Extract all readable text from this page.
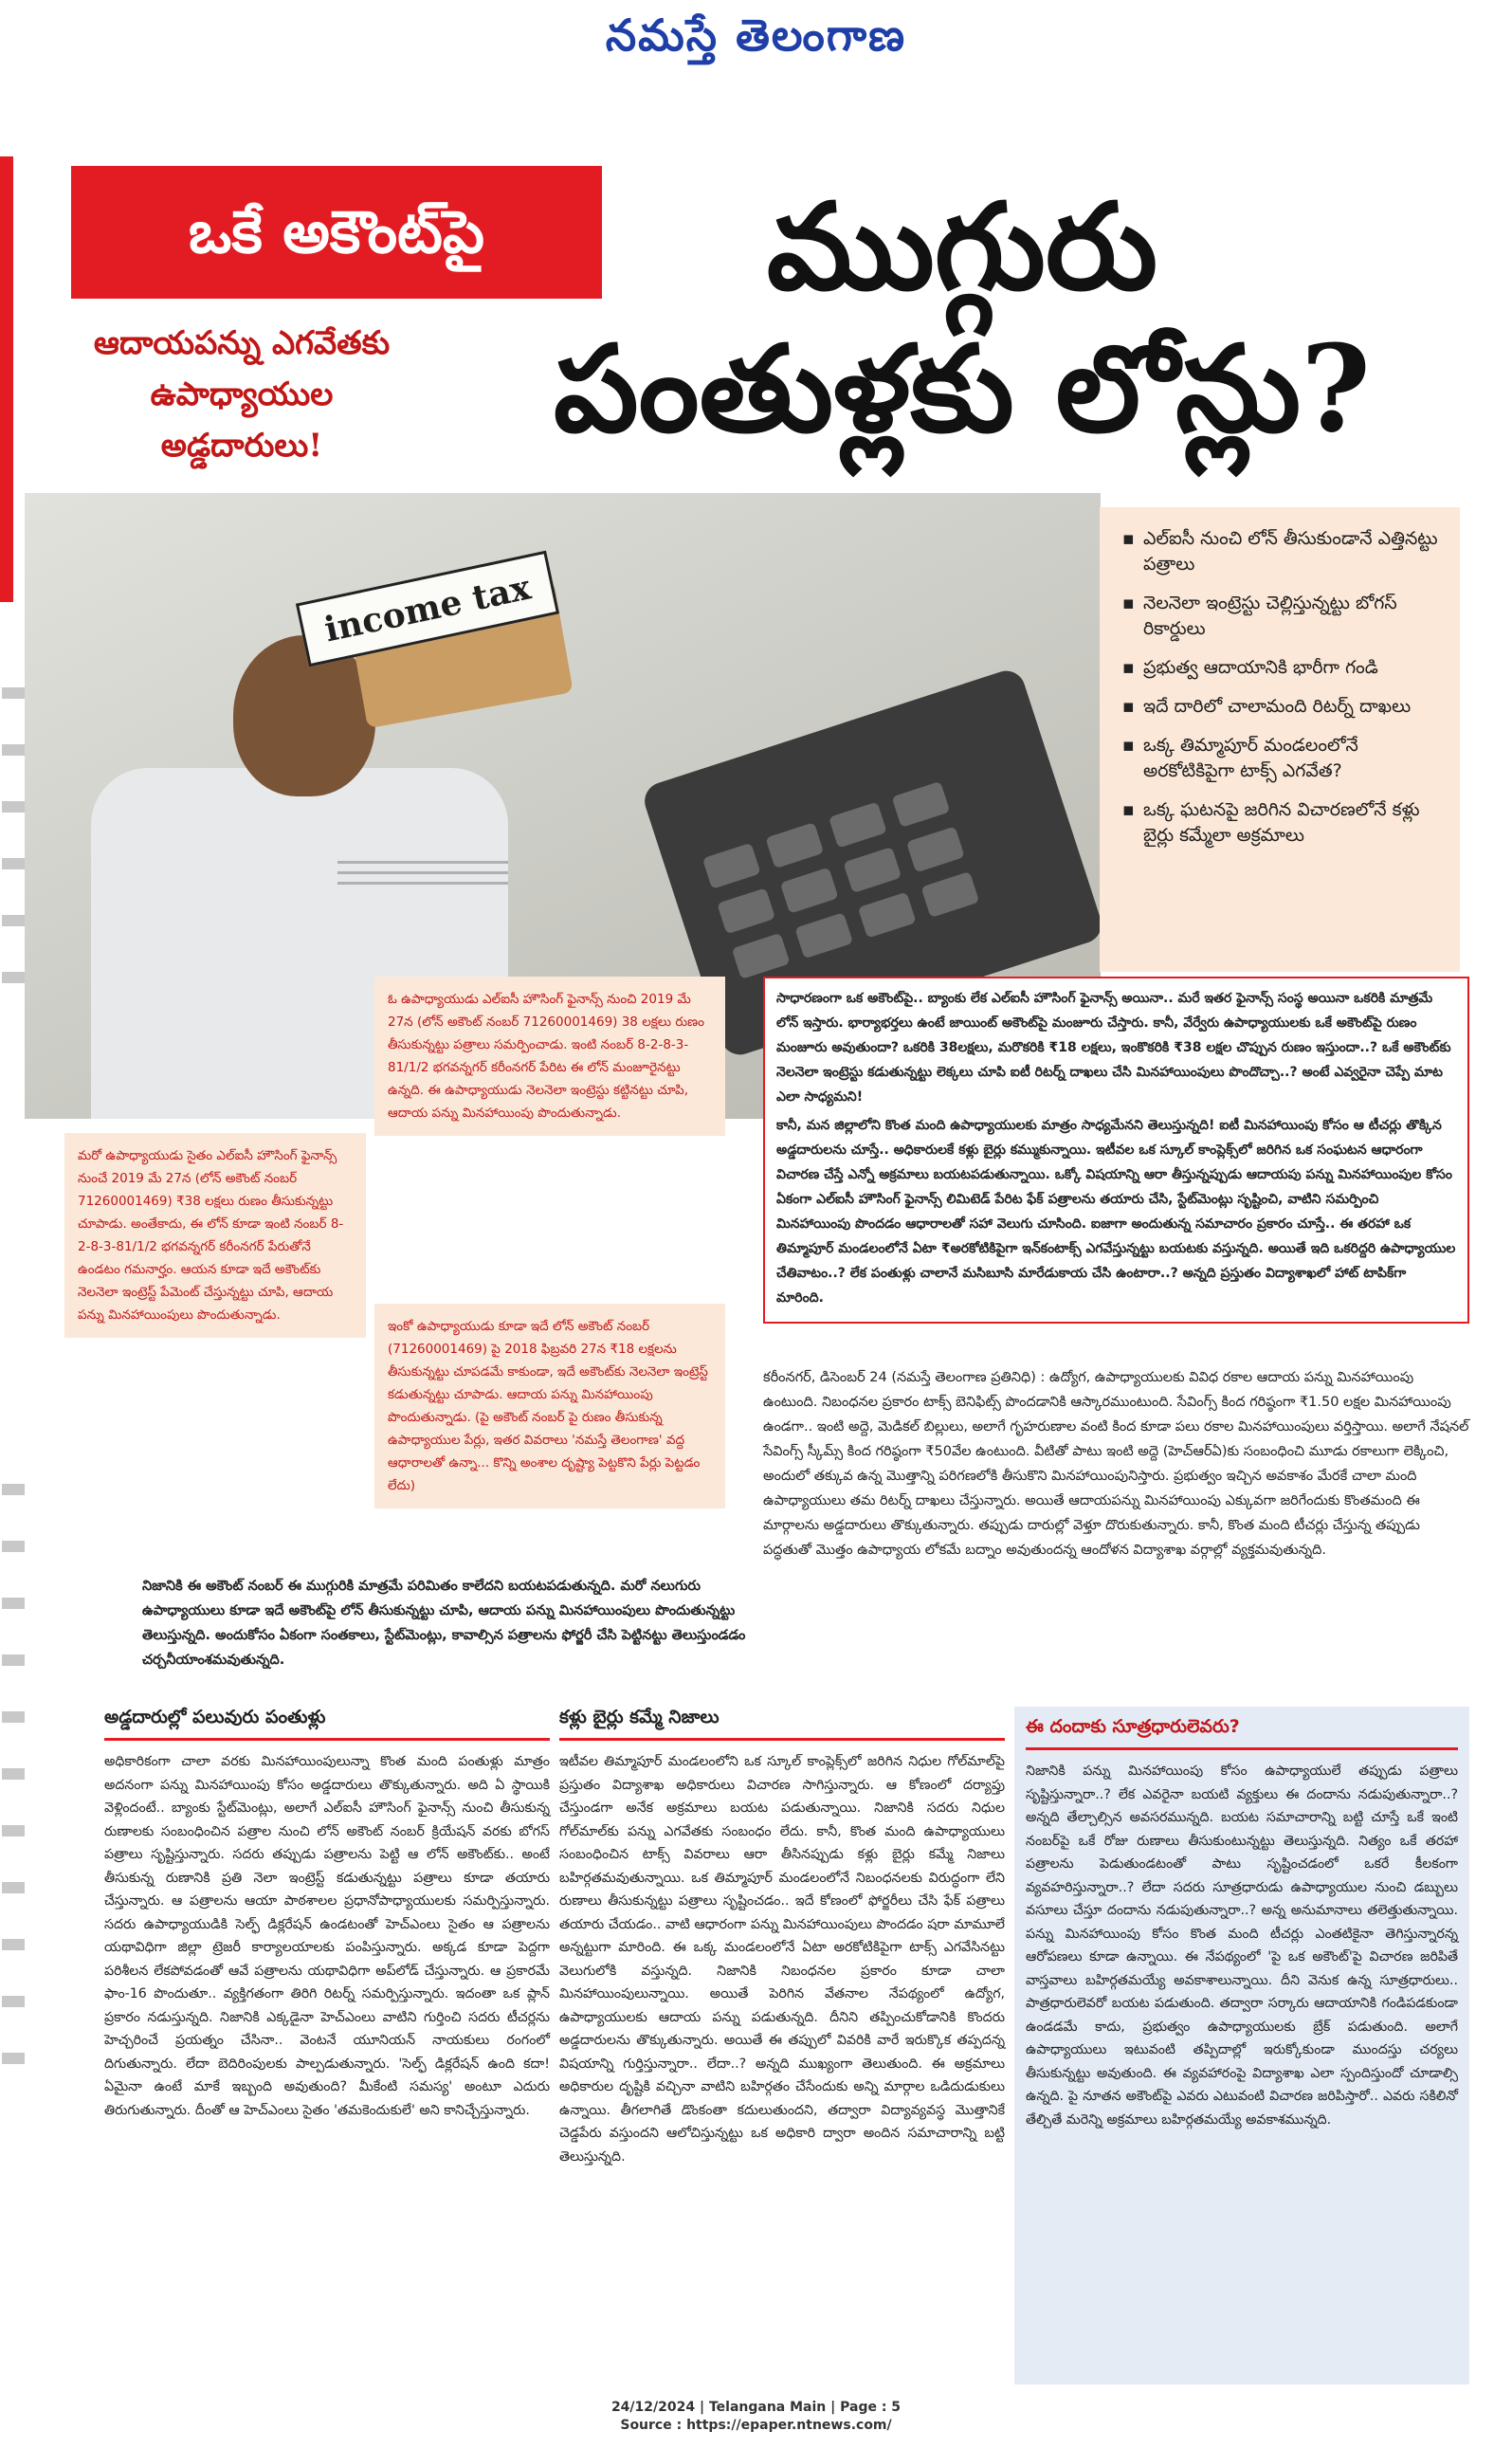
నమస్తే తెలంగాణ
ఒకే అకౌంట్‌పై
ఆదాయపన్ను ఎగవేతకు
ఉపాధ్యాయుల
అడ్డదారులు!
ముగ్గురు
పంతుళ్లకు లోన్లు?
income tax
▪ ఎల్‌ఐసీ నుంచి లోన్ తీసుకుండానే ఎత్తినట్టు పత్రాలు
▪ నెలనెలా ఇంట్రెస్టు చెల్లిస్తున్నట్టు బోగస్ రికార్డులు
▪ ప్రభుత్వ ఆదాయానికి భారీగా గండి
▪ ఇదే దారిలో చాలామంది రిటర్న్ దాఖలు
▪ ఒక్క తిమ్మాపూర్ మండలంలోనే అరకోటికిపైగా టాక్స్ ఎగవేత?
▪ ఒక్క ఘటనపై జరిగిన విచారణలోనే కళ్లు బైర్లు కమ్మేలా అక్రమాలు
ఓ ఉపాధ్యాయుడు ఎల్ఐసీ హౌసింగ్ ఫైనాన్స్ నుంచి 2019 మే 27న (లోన్ అకౌంట్ నంబర్ 71260001469) 38 లక్షలు రుణం తీసుకున్నట్టు పత్రాలు సమర్పించాడు. ఇంటి నంబర్ 8-2-8-3-81/1/2 భగవన్నగర్ కరీంనగర్ పేరిట ఈ లోన్ మంజూరైనట్టు ఉన్నది. ఈ ఉపాధ్యాయుడు నెలనెలా ఇంట్రెస్టు కట్టినట్టు చూపి, ఆదాయ పన్ను మినహాయింపు పొందుతున్నాడు.
మరో ఉపాధ్యాయుడు సైతం ఎల్ఐసీ హౌసింగ్ ఫైనాన్స్ నుంచే 2019 మే 27న (లోన్ అకౌంట్ నంబర్ 71260001469) ₹38 లక్షలు రుణం తీసుకున్నట్టు చూపాడు. అంతేకాదు, ఈ లోన్ కూడా ఇంటి నంబర్ 8-2-8-3-81/1/2 భగవన్నగర్ కరీంనగర్ పేరుతోనే ఉండటం గమనార్హం. ఆయన కూడా ఇదే అకౌంట్‌కు నెలనెలా ఇంట్రెస్ట్ పేమెంట్ చేస్తున్నట్టు చూపి, ఆదాయ పన్ను మినహాయింపులు పొందుతున్నాడు.
ఇంకో ఉపాధ్యాయుడు కూడా ఇదే లోన్ అకౌంట్ నంబర్ (71260001469) పై 2018 ఫిబ్రవరి 27న ₹18 లక్షలను తీసుకున్నట్టు చూపడమే కాకుండా, ఇదే అకౌంట్‌కు నెలనెలా ఇంట్రెస్ట్ కడుతున్నట్టు చూపాడు. ఆదాయ పన్ను మినహాయింపు పొందుతున్నాడు. (పై అకౌంట్ నంబర్ పై రుణం తీసుకున్న ఉపాధ్యాయుల పేర్లు, ఇతర వివరాలు 'నమస్తే తెలంగాణ' వద్ద ఆధారాలతో ఉన్నా... కొన్ని అంశాల దృష్ట్యా పెట్టకొని పేర్లు పెట్టడం లేదు)

సాధారణంగా ఒక అకౌంట్‌పై.. బ్యాంకు లేక ఎల్ఐసీ హౌసింగ్ ఫైనాన్స్ అయినా.. మరే ఇతర ఫైనాన్స్ సంస్థ అయినా ఒకరికి మాత్రమే లోన్ ఇస్తారు. భార్యాభర్తలు ఉంటే జాయింట్ అకౌంట్‌పై మంజూరు చేస్తారు. కానీ, వేర్వేరు ఉపాధ్యాయులకు ఒకే అకౌంట్‌పై రుణం మంజూరు అవుతుందా? ఒకరికి 38లక్షలు, మరొకరికి ₹18 లక్షలు, ఇంకొకరికి ₹38 లక్షల చొప్పున రుణం ఇస్తుందా..? ఒకే అకౌంట్‌కు నెలనెలా ఇంట్రెస్టు కడుతున్నట్టు లెక్కలు చూపి ఐటీ రిటర్న్ దాఖలు చేసి మినహాయింపులు పొందొచ్చా..? అంటే ఎవ్వరైనా చెప్పే మాట ఎలా సాధ్యమని!

కానీ, మన జిల్లాలోని కొంత మంది ఉపాధ్యాయులకు మాత్రం సాధ్యమేనని తెలుస్తున్నది! ఐటీ మినహాయింపు కోసం ఆ టీచర్లు తొక్కిన అడ్డదారులను చూస్తే.. అధికారులకే కళ్లు బైర్లు కమ్ముకున్నాయి. ఇటీవల ఒక స్కూల్ కాంప్లెక్స్‌లో జరిగిన ఒక సంఘటన ఆధారంగా విచారణ చేస్తే ఎన్నో అక్రమాలు బయటపడుతున్నాయి. ఒక్కో విషయాన్ని ఆరా తీస్తున్నప్పుడు ఆదాయపు పన్ను మినహాయింపుల కోసం ఏకంగా ఎల్ఐసీ హౌసింగ్ ఫైనాన్స్ లిమిటెడ్ పేరిట ఫేక్ పత్రాలను తయారు చేసి, స్టేట్‌మెంట్లు సృష్టించి, వాటిని సమర్పించి మినహాయింపు పొందడం ఆధారాలతో సహా వెలుగు చూసింది. ఐజాగా అందుతున్న సమాచారం ప్రకారం చూస్తే.. ఈ తరహా ఒక తిమ్మాపూర్ మండలంలోనే ఏటా ₹అరకోటికిపైగా ఇన్‌కంటాక్స్ ఎగవేస్తున్నట్టు బయటకు వస్తున్నది. అయితే ఇది ఒకరిద్దరి ఉపాధ్యాయుల చేతివాటం..? లేక పంతుళ్లు చాలానే మసిబూసి మారేడుకాయ చేసి ఉంటారా..? అన్నది ప్రస్తుతం విద్యాశాఖలో హాట్ టాపిక్‌గా మారింది.

కరీంనగర్, డిసెంబర్ 24 (నమస్తే తెలంగాణ ప్రతినిధి) : ఉద్యోగ, ఉపాధ్యాయులకు వివిధ రకాల ఆదాయ పన్ను మినహాయింపు ఉంటుంది. నిబంధనల ప్రకారం టాక్స్ బెనిఫిట్స్ పొందడానికి ఆస్కారముంటుంది. సేవింగ్స్ కింద గరిష్ఠంగా ₹1.50 లక్షల మినహాయింపు ఉండగా.. ఇంటి అద్దె, మెడికల్ బిల్లులు, అలాగే గృహరుణాల వంటి కింద కూడా పలు రకాల మినహాయింపులు వర్తిస్తాయి. అలాగే నేషనల్ సేవింగ్స్ స్కీమ్స్ కింద గరిష్ఠంగా ₹50వేల ఉంటుంది. వీటితో పాటు ఇంటి అద్దె (హెచ్ఆర్ఏ)కు సంబంధించి మూడు రకాలుగా లెక్కించి, అందులో తక్కువ ఉన్న మొత్తాన్ని పరిగణలోకి తీసుకొని మినహాయింపునిస్తారు. ప్రభుత్వం ఇచ్చిన అవకాశం మేరకే చాలా మంది ఉపాధ్యాయులు తమ రిటర్న్ దాఖలు చేస్తున్నారు. అయితే ఆదాయపన్ను మినహాయింపు ఎక్కువగా జరిగేందుకు కొంతమంది ఈ మార్గాలను అడ్డదారులు తొక్కుతున్నారు. తప్పుడు దారుల్లో వెళ్తూ దొరుకుతున్నారు. కానీ, కొంత మంది టీచర్లు చేస్తున్న తప్పుడు పద్ధతుతో మొత్తం ఉపాధ్యాయ లోకమే బద్నాం అవుతుందన్న ఆందోళన విద్యాశాఖ వర్గాల్లో వ్యక్తమవుతున్నది.
నిజానికి ఈ అకౌంట్ నంబర్ ఈ ముగ్గురికి మాత్రమే పరిమితం కాలేదని బయటపడుతున్నది. మరో నలుగురు ఉపాధ్యాయులు కూడా ఇదే అకౌంట్‌పై లోన్ తీసుకున్నట్టు చూపి, ఆదాయ పన్ను మినహాయింపులు పొందుతున్నట్టు తెలుస్తున్నది. అందుకోసం ఏకంగా సంతకాలు, స్టేట్‌మెంట్లు, కావాల్సిన పత్రాలను ఫోర్జరీ చేసి పెట్టినట్టు తెలుస్తుండడం చర్చనీయాంశమవుతున్నది.
అడ్డదారుల్లో పలువురు పంతుళ్లు

అధికారికంగా చాలా వరకు మినహాయింపులున్నా కొంత మంది పంతుళ్లు మాత్రం అదనంగా పన్ను మినహాయింపు కోసం అడ్డదారులు తొక్కుతున్నారు. అది ఏ స్థాయికి వెళ్లిందంటే.. బ్యాంకు స్టేట్‌మెంట్లు, అలాగే ఎల్ఐసీ హౌసింగ్ ఫైనాన్స్ నుంచి తీసుకున్న రుణాలకు సంబంధించిన పత్రాల నుంచి లోన్ అకౌంట్ నంబర్ క్రియేషన్ వరకు బోగస్ పత్రాలు సృష్టిస్తున్నారు. సదరు తప్పుడు పత్రాలను పెట్టి ఆ లోన్ అకౌంట్‌కు.. అంటే తీసుకున్న రుణానికి ప్రతి నెలా ఇంట్రెస్ట్ కడుతున్నట్టు పత్రాలు కూడా తయారు చేస్తున్నారు. ఆ పత్రాలను ఆయా పాఠశాలల ప్రధానోపాధ్యాయులకు సమర్పిస్తున్నారు. సదరు ఉపాధ్యాయుడికి సెల్ఫ్ డిక్లరేషన్ ఉండటంతో హెచ్ఎంలు సైతం ఆ పత్రాలను యథావిధిగా జిల్లా ట్రెజరీ కార్యాలయాలకు పంపిస్తున్నారు. అక్కడ కూడా పెద్దగా పరిశీలన లేకపోవడంతో ఆవే పత్రాలను యథావిధిగా అప్‌లోడ్ చేస్తున్నారు. ఆ ప్రకారమే ఫాం-16 పొందుతూ.. వ్యక్తిగతంగా తిరిగి రిటర్న్ సమర్పిస్తున్నారు. ఇదంతా ఒక ప్లాన్ ప్రకారం నడుస్తున్నది. నిజానికి ఎక్కడైనా హెచ్ఎంలు వాటిని గుర్తించి సదరు టీచర్లను హెచ్చరించే ప్రయత్నం చేసినా.. వెంటనే యూనియన్ నాయకులు రంగంలో దిగుతున్నారు. లేదా బెదిరింపులకు పాల్పడుతున్నారు. 'సెల్ఫ్ డిక్లరేషన్ ఉంది కదా! ఏమైనా ఉంటే మాకే ఇబ్బంది అవుతుంది? మీకేంటి సమస్య' అంటూ ఎదురు తిరుగుతున్నారు. దీంతో ఆ హెచ్ఎంలు సైతం 'తమకెందుకులే' అని కానిచ్చేస్తున్నారు.

కళ్లు బైర్లు కమ్మే నిజాలు

ఇటీవల తిమ్మాపూర్ మండలంలోని ఒక స్కూల్ కాంప్లెక్స్‌లో జరిగిన నిధుల గోల్‌మాల్‌పై ప్రస్తుతం విద్యాశాఖ అధికారులు విచారణ సాగిస్తున్నారు. ఆ కోణంలో దర్యాప్తు చేస్తుండగా అనేక అక్రమాలు బయట పడుతున్నాయి. నిజానికి సదరు నిధుల గోల్‌మాల్‌కు పన్ను ఎగవేతకు సంబంధం లేదు. కానీ, కొంత మంది ఉపాధ్యాయులు సంబంధించిన టాక్స్ వివరాలు ఆరా తీసినప్పుడు కళ్లు బైర్లు కమ్మే నిజాలు బహిర్గతమవుతున్నాయి. ఒక తిమ్మాపూర్ మండలంలోనే నిబంధనలకు విరుద్ధంగా లేని రుణాలు తీసుకున్నట్టు పత్రాలు సృష్టించడం.. ఇదే కోణంలో ఫోర్జరీలు చేసి ఫేక్ పత్రాలు తయారు చేయడం.. వాటి ఆధారంగా పన్ను మినహాయింపులు పొందడం షరా మామూలే అన్నట్టుగా మారింది. ఈ ఒక్క మండలంలోనే ఏటా అరకోటికిపైగా టాక్స్ ఎగవేసినట్టు వెలుగులోకి వస్తున్నది. నిజానికి నిబంధనల ప్రకారం కూడా చాలా మినహాయింపులున్నాయి. అయితే పెరిగిన వేతనాల నేపథ్యంలో ఉద్యోగ, ఉపాధ్యాయులకు ఆదాయ పన్ను పడుతున్నది. దీనిని తప్పించుకోడానికి కొందరు అడ్డదారులను తొక్కుతున్నారు. అయితే ఈ తప్పులో వివరికి వారే ఇరుక్కొక తప్పదన్న విషయాన్ని గుర్తిస్తున్నారా.. లేదా..? అన్నది ముఖ్యంగా తెలుతుంది. ఈ అక్రమాలు అధికారుల దృష్టికి వచ్చినా వాటిని బహిర్గతం చేసేందుకు అన్ని మార్గాల ఒడిదుడుకులు ఉన్నాయి. తీగలాగితే డొంకంతా కదులుతుందని, తద్వారా విద్యావ్యవస్థ మొత్తానికే చెడ్డపేరు వస్తుందని ఆలోచిస్తున్నట్టు ఒక అధికారి ద్వారా అందిన సమాచారాన్ని బట్టి తెలుస్తున్నది.

ఈ దందాకు సూత్రధారులెవరు?

నిజానికి పన్ను మినహాయింపు కోసం ఉపాధ్యాయులే తప్పుడు పత్రాలు సృష్టిస్తున్నారా..? లేక ఎవరైనా బయటి వ్యక్తులు ఈ దందాను నడుపుతున్నారా..? అన్నది తేల్చాల్సిన అవసరమున్నది. బయట సమాచారాన్ని బట్టి చూస్తే ఒకే ఇంటి నంబర్‌పై ఒకే రోజు రుణాలు తీసుకుంటున్నట్టు తెలుస్తున్నది. నిత్యం ఒకే తరహా పత్రాలను పెడుతుండటంతో పాటు సృష్టించడంలో ఒకరే కీలకంగా వ్యవహరిస్తున్నారా..? లేదా సదరు సూత్రధారుడు ఉపాధ్యాయుల నుంచి డబ్బులు వసూలు చేస్తూ దందాను నడుపుతున్నారా..? అన్న అనుమానాలు తలెత్తుతున్నాయి. పన్ను మినహాయింపు కోసం కొంత మంది టీచర్లు ఎంతటికైనా తెగిస్తున్నారన్న ఆరోపణలు కూడా ఉన్నాయి. ఈ నేపథ్యంలో 'పై ఒక అకౌంట్‌'పై విచారణ జరిపితే వాస్తవాలు బహిర్గతమయ్యే అవకాశాలున్నాయి. దీని వెనుక ఉన్న సూత్రధారులు.. పాత్రధారులెవరో బయట పడుతుంది. తద్వారా సర్కారు ఆదాయానికి గండిపడకుండా ఉండడమే కాదు, ప్రభుత్వం ఉపాధ్యాయులకు బ్రేక్ పడుతుంది. అలాగే ఉపాధ్యాయులు ఇటువంటి తప్పిదాల్లో ఇరుక్కోకుండా ముందస్తు చర్యలు తీసుకున్నట్టు అవుతుంది. ఈ వ్యవహారంపై విద్యాశాఖ ఎలా స్పందిస్తుందో చూడాల్సి ఉన్నది. పై నూతన అకౌంట్‌పై ఎవరు ఎటువంటి విచారణ జరిపిస్తారో.. ఎవరు సకిలినో తేల్చితే మరెన్ని అక్రమాలు బహిర్గతమయ్యే అవకాశమున్నది.

24/12/2024 | Telangana Main | Page : 5
Source : https://epaper.ntnews.com/
